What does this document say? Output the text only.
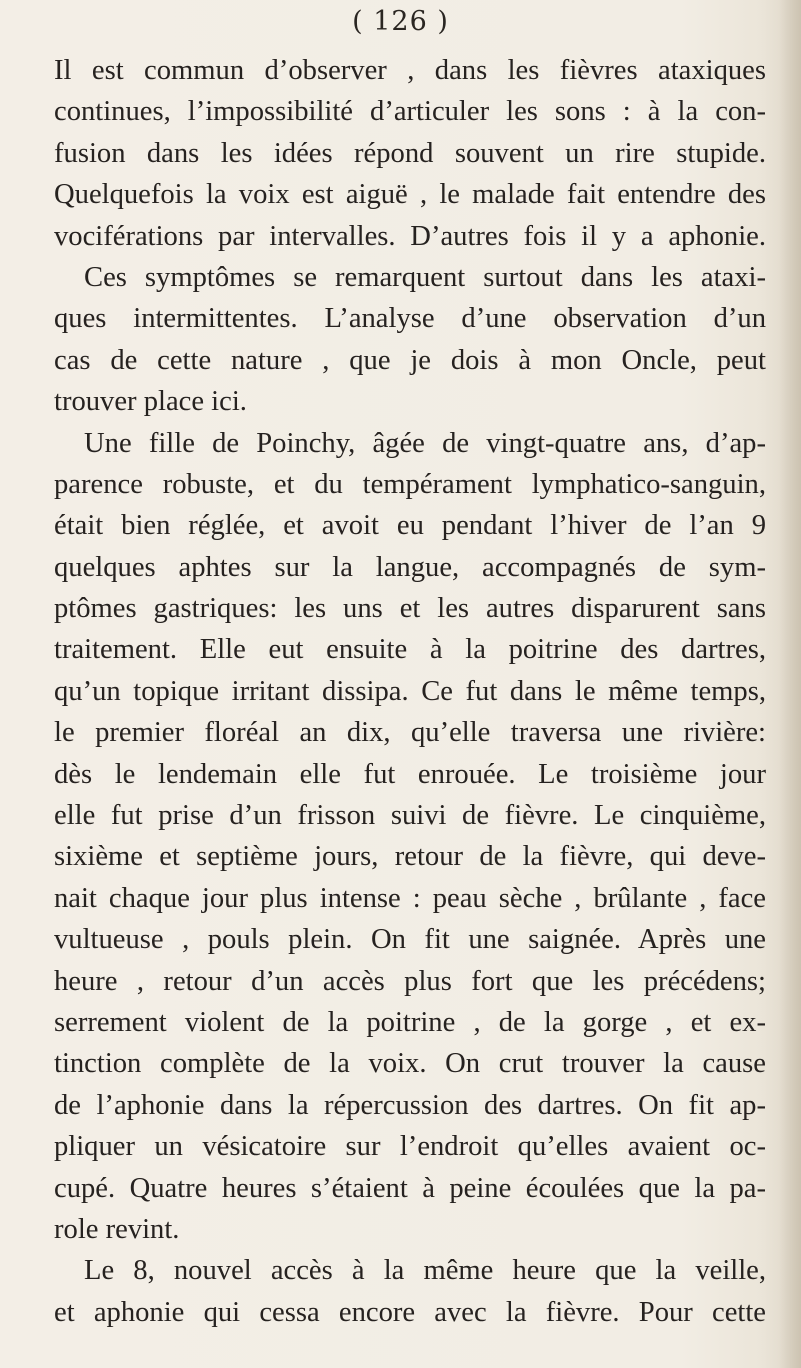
( 126 )
Il est commun d’observer , dans les fièvres ataxiques
continues, l’impossibilité d’articuler les sons : à la con-
fusion dans les idées répond souvent un rire stupide.
Quelquefois la voix est aiguë , le malade fait entendre des
vociférations par intervalles. D’autres fois il y a aphonie.
Ces symptômes se remarquent surtout dans les ataxi-
ques intermittentes. L’analyse d’une observation d’un
cas de cette nature , que je dois à mon Oncle, peut
trouver place ici.
Une fille de Poinchy, âgée de vingt-quatre ans, d’ap-
parence robuste, et du tempérament lymphatico-sanguin,
était bien réglée, et avoit eu pendant l’hiver de l’an 9
quelques aphtes sur la langue, accompagnés de sym-
ptômes gastriques: les uns et les autres disparurent sans
traitement. Elle eut ensuite à la poitrine des dartres,
qu’un topique irritant dissipa. Ce fut dans le même temps,
le premier floréal an dix, qu’elle traversa une rivière:
dès le lendemain elle fut enrouée. Le troisième jour
elle fut prise d’un frisson suivi de fièvre. Le cinquième,
sixième et septième jours, retour de la fièvre, qui deve-
nait chaque jour plus intense : peau sèche , brûlante , face
vultueuse , pouls plein. On fit une saignée. Après une
heure , retour d’un accès plus fort que les précédens;
serrement violent de la poitrine , de la gorge , et ex-
tinction complète de la voix. On crut trouver la cause
de l’aphonie dans la répercussion des dartres. On fit ap-
pliquer un vésicatoire sur l’endroit qu’elles avaient oc-
cupé. Quatre heures s’étaient à peine écoulées que la pa-
role revint.
Le 8, nouvel accès à la même heure que la veille,
et aphonie qui cessa encore avec la fièvre. Pour cette
